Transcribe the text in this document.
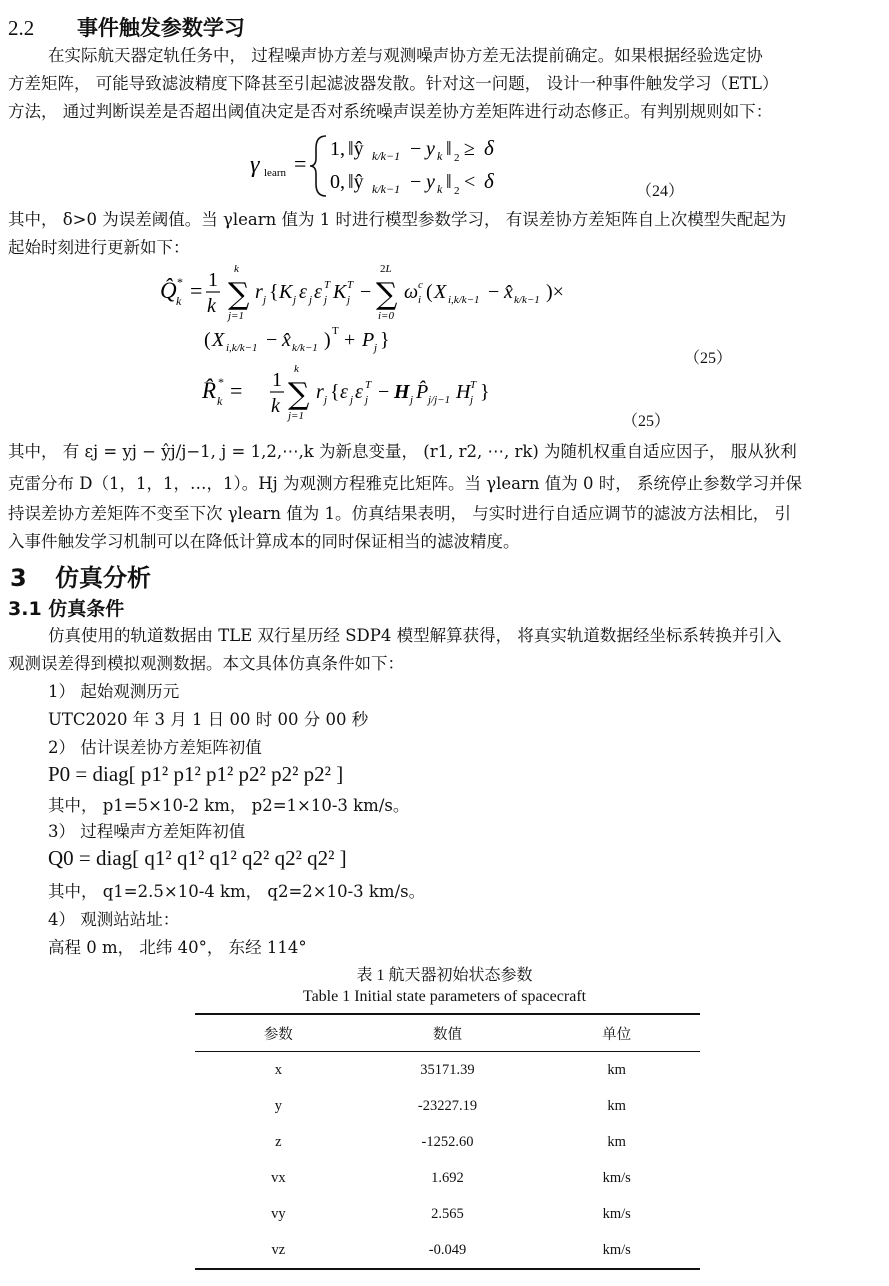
2.2 事件触发参数学习
在实际航天器定轨任务中， 过程噪声协方差与观测噪声协方差无法提前确定。如果根据经验选定协
方差矩阵， 可能导致滤波精度下降甚至引起滤波器发散。针对这一问题， 设计一种事件触发学习（ETL）
方法， 通过判断误差是否超出阈值决定是否对系统噪声误差协方差矩阵进行动态修正。有判别规则如下：
γ learn =
1, ‖ŷ k/k−1 − y k ‖ 2 ≥ δ
0, ‖ŷ k/k−1 − y k ‖ 2 < δ	（24）
其中， δ>0 为误差阈值。当 γlearn 值为 1 时进行模型参数学习， 有误差协方差矩阵自上次模型失配起为
起始时刻进行更新如下：
Q̂ *
k = 1
k ∑
k
j=1
r j { K j ε j ε j
T K j
T − ∑
2L
i=0
ω i
c ( X i,k/k−1 − x̂ k/k−1 )×
( X i,k/k−1 − x̂ k/k−1 ) T + P j }
（25）
R̂ *
k = 1
k ∑
k
j=1
r j { ε j ε j
T − H j P̂ j/j−1 H j
T }
（25）
其中， 有 εj = yj − ŷj/j−1, j = 1,2,⋯,k 为新息变量， (r1, r2, ⋯, rk) 为随机权重自适应因子， 服从狄利
克雷分布 D（1，1，1，…，1）。Hj 为观测方程雅克比矩阵。当 γlearn 值为 0 时， 系统停止参数学习并保
持误差协方差矩阵不变至下次 γlearn 值为 1。仿真结果表明， 与实时进行自适应调节的滤波方法相比， 引
入事件触发学习机制可以在降低计算成本的同时保证相当的滤波精度。
3 仿真分析
3.1 仿真条件
仿真使用的轨道数据由 TLE 双行星历经 SDP4 模型解算获得， 将真实轨道数据经坐标系转换并引入
观测误差得到模拟观测数据。本文具体仿真条件如下：
1） 起始观测历元
UTC2020 年 3 月 1 日 00 时 00 分 00 秒
2） 估计误差协方差矩阵初值
P0 = diag[ p1² p1² p1² p2² p2² p2² ]
其中， p1=5×10-2 km， p2=1×10-3 km/s。
3） 过程噪声方差矩阵初值
Q0 = diag[ q1² q1² q1² q2² q2² q2² ]
其中， q1=2.5×10-4 km， q2=2×10-3 km/s。
4） 观测站站址：
高程 0 m， 北纬 40°， 东经 114°
表 1 航天器初始状态参数
Table 1 Initial state parameters of spacecraft
参数	数值	单位
x	35171.39	km
y	-23227.19	km
z	-1252.60	km
vx	1.692	km/s
vy	2.565	km/s
vz	-0.049	km/s
